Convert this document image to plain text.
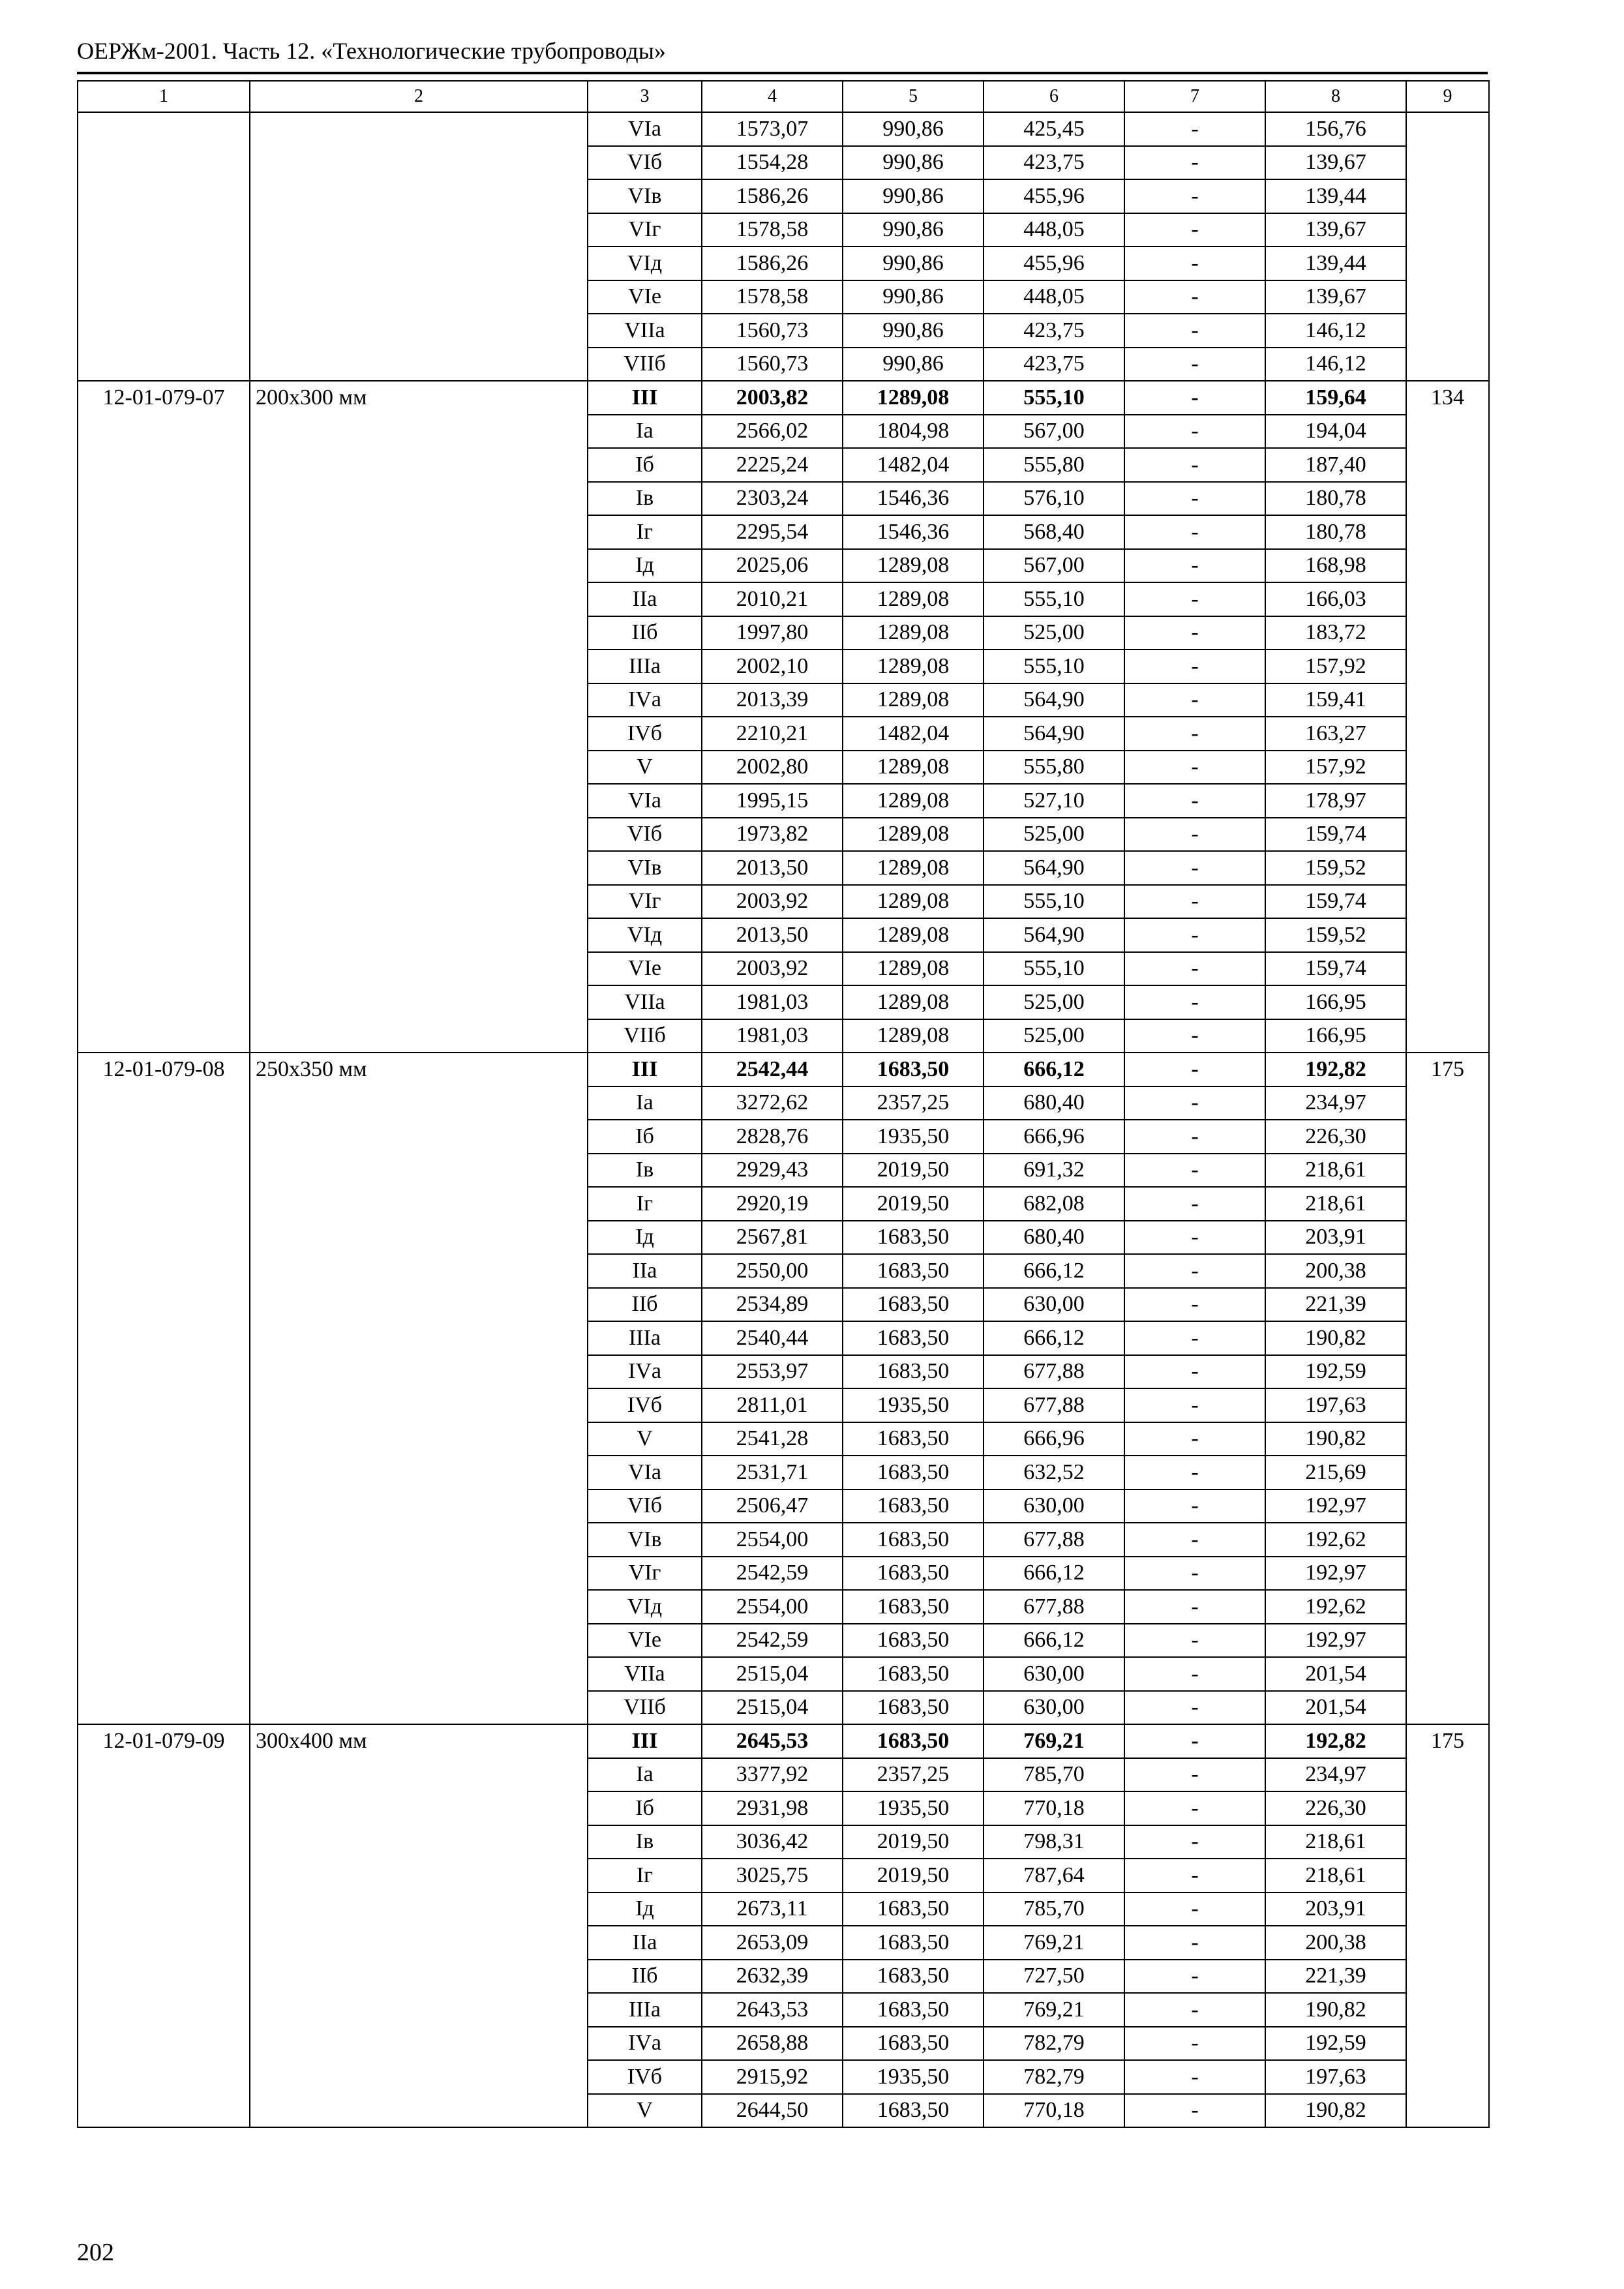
ОЕРЖм-2001. Часть 12. «Технологические трубопроводы»
1	2	3	4	5	6	7	8	9
		VIа	1573,07	990,86	425,45	-	156,76	
		VIб	1554,28	990,86	423,75	-	139,67	
		VIв	1586,26	990,86	455,96	-	139,44	
		VIг	1578,58	990,86	448,05	-	139,67	
		VIд	1586,26	990,86	455,96	-	139,44	
		VIе	1578,58	990,86	448,05	-	139,67	
		VIIа	1560,73	990,86	423,75	-	146,12	
		VIIб	1560,73	990,86	423,75	-	146,12	
12-01-079-07	200х300 мм	III	2003,82	1289,08	555,10	-	159,64	134
		Iа	2566,02	1804,98	567,00	-	194,04	
		Iб	2225,24	1482,04	555,80	-	187,40	
		Iв	2303,24	1546,36	576,10	-	180,78	
		Iг	2295,54	1546,36	568,40	-	180,78	
		Iд	2025,06	1289,08	567,00	-	168,98	
		IIа	2010,21	1289,08	555,10	-	166,03	
		IIб	1997,80	1289,08	525,00	-	183,72	
		IIIа	2002,10	1289,08	555,10	-	157,92	
		IVа	2013,39	1289,08	564,90	-	159,41	
		IVб	2210,21	1482,04	564,90	-	163,27	
		V	2002,80	1289,08	555,80	-	157,92	
		VIа	1995,15	1289,08	527,10	-	178,97	
		VIб	1973,82	1289,08	525,00	-	159,74	
		VIв	2013,50	1289,08	564,90	-	159,52	
		VIг	2003,92	1289,08	555,10	-	159,74	
		VIд	2013,50	1289,08	564,90	-	159,52	
		VIе	2003,92	1289,08	555,10	-	159,74	
		VIIа	1981,03	1289,08	525,00	-	166,95	
		VIIб	1981,03	1289,08	525,00	-	166,95	
12-01-079-08	250х350 мм	III	2542,44	1683,50	666,12	-	192,82	175
		Iа	3272,62	2357,25	680,40	-	234,97	
		Iб	2828,76	1935,50	666,96	-	226,30	
		Iв	2929,43	2019,50	691,32	-	218,61	
		Iг	2920,19	2019,50	682,08	-	218,61	
		Iд	2567,81	1683,50	680,40	-	203,91	
		IIа	2550,00	1683,50	666,12	-	200,38	
		IIб	2534,89	1683,50	630,00	-	221,39	
		IIIа	2540,44	1683,50	666,12	-	190,82	
		IVа	2553,97	1683,50	677,88	-	192,59	
		IVб	2811,01	1935,50	677,88	-	197,63	
		V	2541,28	1683,50	666,96	-	190,82	
		VIа	2531,71	1683,50	632,52	-	215,69	
		VIб	2506,47	1683,50	630,00	-	192,97	
		VIв	2554,00	1683,50	677,88	-	192,62	
		VIг	2542,59	1683,50	666,12	-	192,97	
		VIд	2554,00	1683,50	677,88	-	192,62	
		VIе	2542,59	1683,50	666,12	-	192,97	
		VIIа	2515,04	1683,50	630,00	-	201,54	
		VIIб	2515,04	1683,50	630,00	-	201,54	
12-01-079-09	300х400 мм	III	2645,53	1683,50	769,21	-	192,82	175
		Iа	3377,92	2357,25	785,70	-	234,97	
		Iб	2931,98	1935,50	770,18	-	226,30	
		Iв	3036,42	2019,50	798,31	-	218,61	
		Iг	3025,75	2019,50	787,64	-	218,61	
		Iд	2673,11	1683,50	785,70	-	203,91	
		IIа	2653,09	1683,50	769,21	-	200,38	
		IIб	2632,39	1683,50	727,50	-	221,39	
		IIIа	2643,53	1683,50	769,21	-	190,82	
		IVа	2658,88	1683,50	782,79	-	192,59	
		IVб	2915,92	1935,50	782,79	-	197,63	
		V	2644,50	1683,50	770,18	-	190,82	
202
